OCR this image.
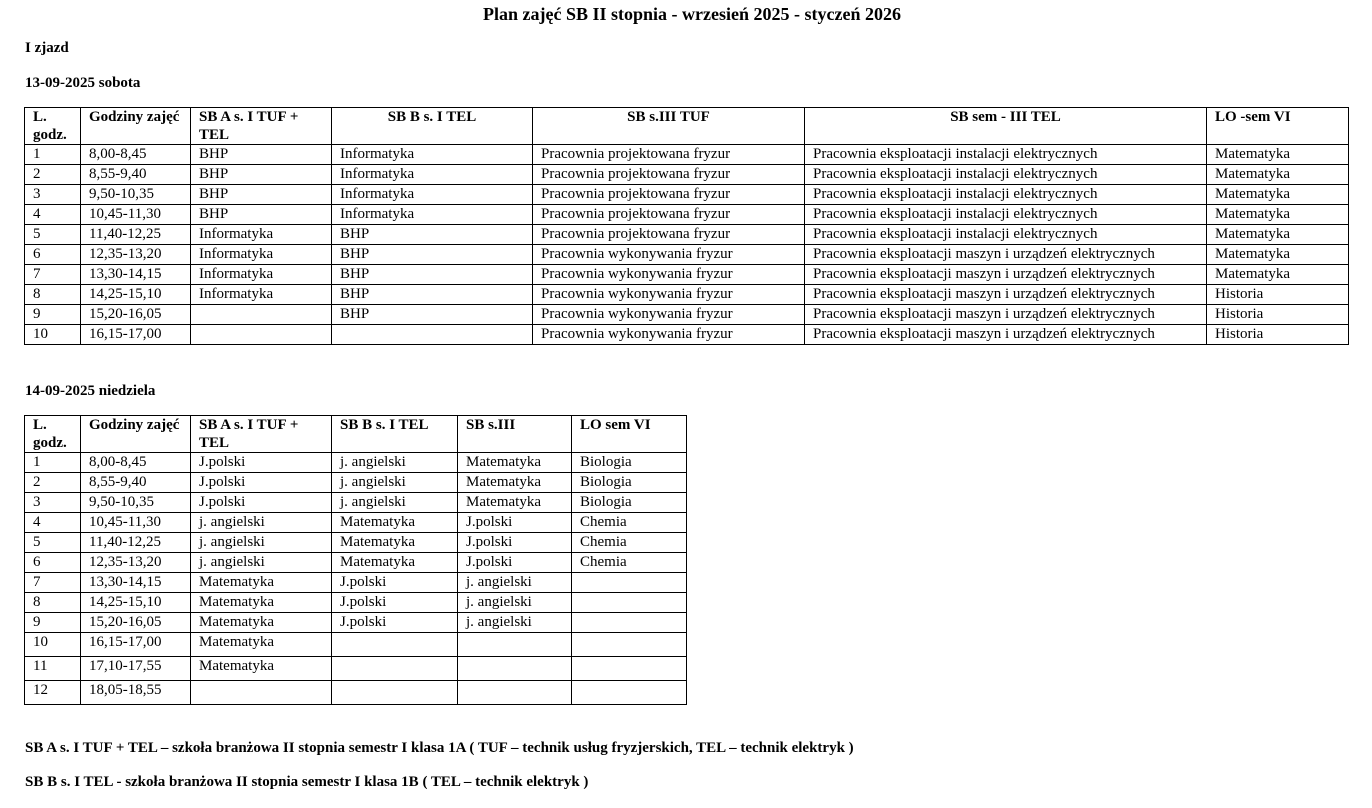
Plan zajęć SB II stopnia - wrzesień 2025 - styczeń 2026
I zjazd
13-09-2025 sobota
L. godz.	Godziny zajęć	SB A s. I TUF + TEL	SB B s. I TEL	SB s.III TUF	SB sem - III TEL	LO -sem VI
1	8,00-8,45	BHP	Informatyka	Pracownia projektowana fryzur	Pracownia eksploatacji instalacji elektrycznych	Matematyka
2	8,55-9,40	BHP	Informatyka	Pracownia projektowana fryzur	Pracownia eksploatacji instalacji elektrycznych	Matematyka
3	9,50-10,35	BHP	Informatyka	Pracownia projektowana fryzur	Pracownia eksploatacji instalacji elektrycznych	Matematyka
4	10,45-11,30	BHP	Informatyka	Pracownia projektowana fryzur	Pracownia eksploatacji instalacji elektrycznych	Matematyka
5	11,40-12,25	Informatyka	BHP	Pracownia projektowana fryzur	Pracownia eksploatacji instalacji elektrycznych	Matematyka
6	12,35-13,20	Informatyka	BHP	Pracownia wykonywania fryzur	Pracownia eksploatacji maszyn i urządzeń elektrycznych	Matematyka
7	13,30-14,15	Informatyka	BHP	Pracownia wykonywania fryzur	Pracownia eksploatacji maszyn i urządzeń elektrycznych	Matematyka
8	14,25-15,10	Informatyka	BHP	Pracownia wykonywania fryzur	Pracownia eksploatacji maszyn i urządzeń elektrycznych	Historia
9	15,20-16,05		BHP	Pracownia wykonywania fryzur	Pracownia eksploatacji maszyn i urządzeń elektrycznych	Historia
10	16,15-17,00			Pracownia wykonywania fryzur	Pracownia eksploatacji maszyn i urządzeń elektrycznych	Historia
14-09-2025 niedziela
L. godz.	Godziny zajęć	SB A s. I TUF + TEL	SB B s. I TEL	SB s.III	LO sem VI
1	8,00-8,45	J.polski	j. angielski	Matematyka	Biologia
2	8,55-9,40	J.polski	j. angielski	Matematyka	Biologia
3	9,50-10,35	J.polski	j. angielski	Matematyka	Biologia
4	10,45-11,30	j. angielski	Matematyka	J.polski	Chemia
5	11,40-12,25	j. angielski	Matematyka	J.polski	Chemia
6	12,35-13,20	j. angielski	Matematyka	J.polski	Chemia
7	13,30-14,15	Matematyka	J.polski	j. angielski	
8	14,25-15,10	Matematyka	J.polski	j. angielski	
9	15,20-16,05	Matematyka	J.polski	j. angielski	
10	16,15-17,00	Matematyka			
11	17,10-17,55	Matematyka			
12	18,05-18,55				
SB A s. I TUF + TEL – szkoła branżowa II stopnia semestr I klasa 1A ( TUF – technik usług fryzjerskich, TEL – technik elektryk )
SB B s. I TEL - szkoła branżowa II stopnia semestr I klasa 1B ( TEL – technik elektryk )
